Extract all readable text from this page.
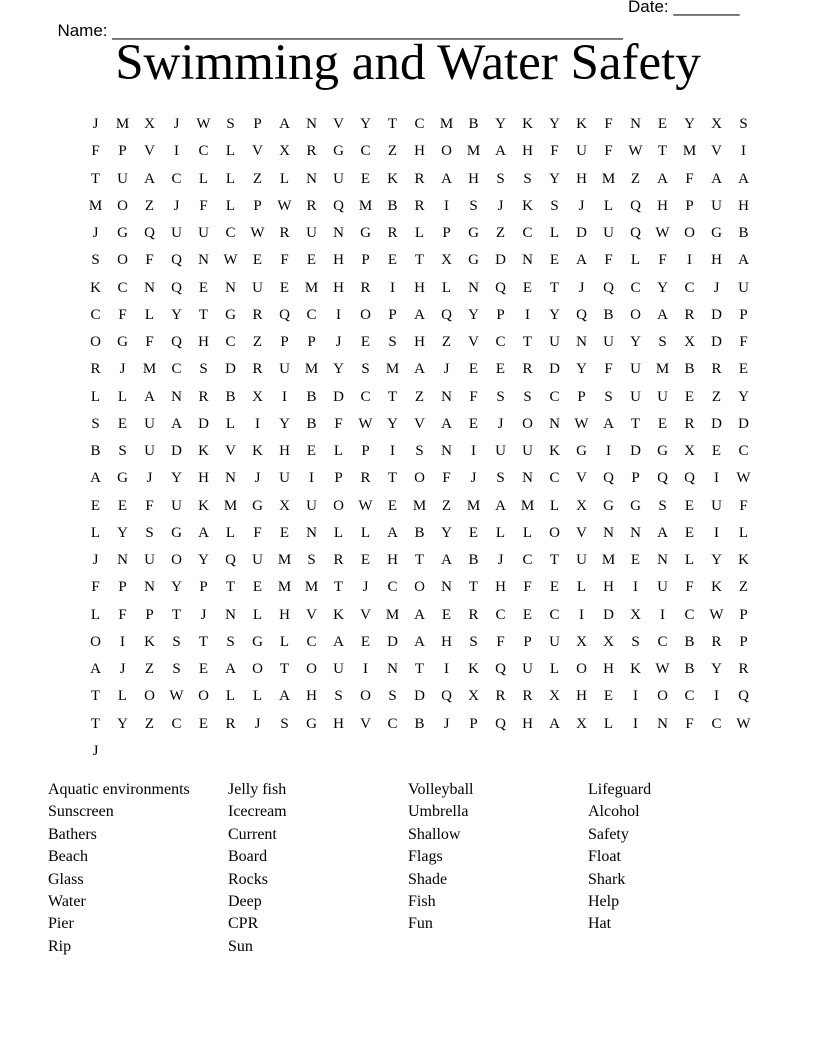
Name: ______________________________________________________

Date: _______

Swimming and Water Safety
J	M X	J	W	S	P	A	N	V	Y	T	C	M	B	Y	K	Y	K	F	N	E	Y	X	S
F	P	V	I	C	L	V	X	R	G	C	Z	H	O M A	H	F	U	F	W	T	M V	I
T	U	A	C	L	L	Z	L	N	U	E	K	R	A	H	S	S	Y	H M	Z	A	F	A	A
M O	Z	J	F	L	P	W R	Q M	B	R	I	S	J	K	S	J	L	Q	H	P	U	H
J	G	Q	U	U	C W R	U	N	G	R	L	P	G	Z	C	L	D	U	Q W O	G	B
S	O	F	Q	N W	E	F	E	H	P	E	T	X	G	D	N	E	A	F	L	F	I	H	A
K	C	N	Q	E	N	U	E	M H	R	I	H	L	N	Q	E	T	J	Q	C	Y	C	J	U
C	F	L	Y	T	G	R	Q	C	I	O	P	A	Q	Y	P	I	Y	Q	B	O	A	R	D	P
O	G	F	Q	H	C	Z	P	P	J	E	S	H	Z	V	C	T	U	N	U	Y	S	X	D	F
R	J	M	C	S	D	R	U M Y	S	M A	J	E	E	R	D	Y	F	U M	B	R	E
L	L	A	N	R	B	X	I	B	D	C	T	Z	N	F	S	S	C	P	S	U	U	E	Z	Y
S	E	U	A	D	L	I	Y	B	F	W Y	V	A	E	J	O	N W A	T	E	R	D	D
B	S	U	D	K	V	K	H	E	L	P	I	S	N	I	U	U	K	G	I	D	G	X	E	C
A	G	J	Y	H	N	J	U	I	P	R	T	O	F	J	S	N	C	V	Q	P	Q	Q	I	W
E	E	F	U	K M G	X	U	O W	E	M	Z	M A M	L	X	G	G	S	E	U	F
L	Y	S	G	A	L	F	E	N	L	L	A	B	Y	E	L	L	O	V	N	N	A	E	I	L
J	N	U	O	Y	Q	U M	S	R	E	H	T	A	B	J	C	T	U M	E	N	L	Y	K
F	P	N	Y	P	T	E	M M	T	J	C	O	N	T	H	F	E	L	H	I	U	F	K	Z
L	F	P	T	J	N	L	H	V	K	V M A	E	R	C	E	C	I	D	X	I	C W	P
O	I	K	S	T	S	G	L	C	A	E	D	A	H	S	F	P	U	X	X	S	C	B	R	P
A	J	Z	S	E	A	O	T	O	U	I	N	T	I	K	Q	U	L	O	H	K W B	Y	R
T	L	O W O	L	L	A	H	S	O	S	D	Q	X	R	R	X	H	E	I	O	C	I	Q
T	Y	Z	C	E	R	J	S	G	H	V	C	B	J	P	Q	H	A	X	L	I	N	F	C W
J
Aquatic environments
Sunscreen
Bathers
Beach
Glass
Water
Pier
Rip
Jelly fish
Icecream
Current
Board
Rocks
Deep
CPR
Sun
Volleyball
Umbrella
Shallow
Flags
Shade
Fish
Fun
Lifeguard
Alcohol
Safety
Float
Shark
Help
Hat
